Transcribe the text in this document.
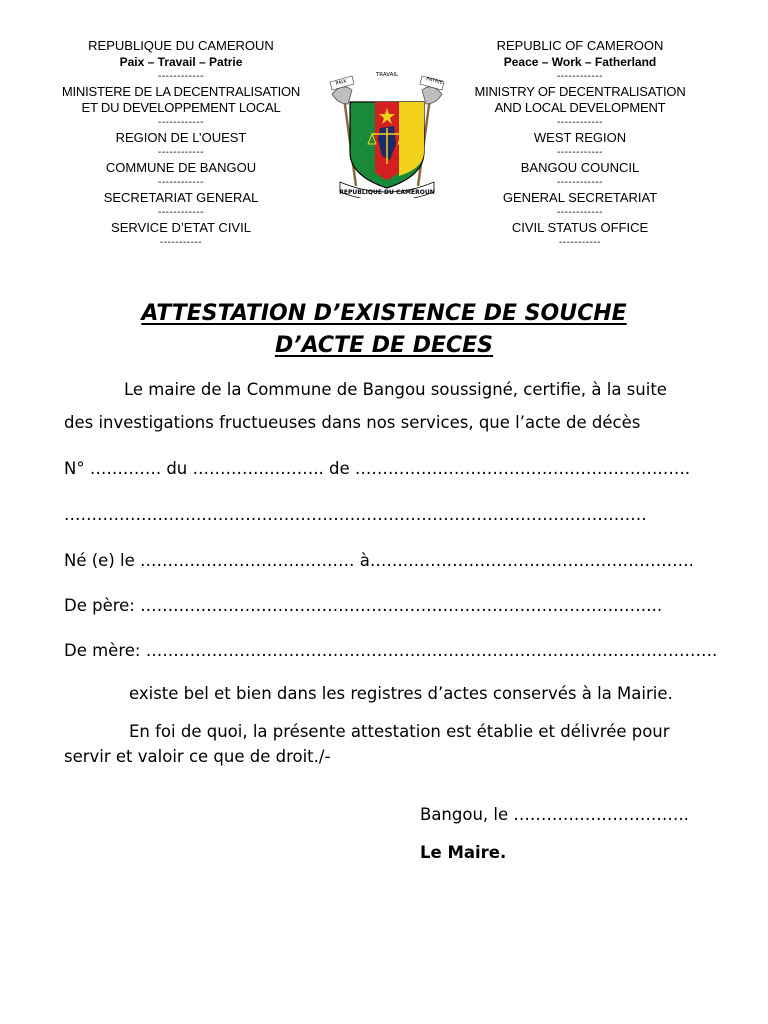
REPUBLIQUE DU CAMEROUN
Paix – Travail – Patrie
------------
MINISTERE DE LA DECENTRALISATION
ET DU DEVELOPPEMENT LOCAL
------------
REGION DE L’OUEST
------------
COMMUNE DE BANGOU
------------
SECRETARIAT GENERAL
------------
SERVICE D’ETAT CIVIL
-----------
PAIX
TRAVAIL
PATRIE
REPUBLIQUE DU CAMEROUN
REPUBLIC OF CAMEROON
Peace – Work – Fatherland
------------
MINISTRY OF DECENTRALISATION
AND LOCAL DEVELOPMENT
------------
WEST REGION
------------
BANGOU COUNCIL
------------
GENERAL SECRETARIAT
------------
CIVIL STATUS OFFICE
-----------
ATTESTATION D’EXISTENCE DE SOUCHE
D’ACTE DE DECES
Le maire de la Commune de Bangou soussigné, certifie, à la suite
des investigations fructueuses dans nos services, que l’acte de décès
N° …………. du ………….……….. de …………………………………………………….
…………………….………………………………………………………………………
Né (e) le ………………………………… à…….…………………………………………….
De père: …………………………………………………………………………………..
De mère: …………………………………………………………………….…………………….
existe bel et bien dans les registres d’actes conservés à la Mairie.
En foi de quoi, la présente attestation est établie et délivrée pour
servir et valoir ce que de droit./-
Bangou, le …………………………..
Le Maire.
